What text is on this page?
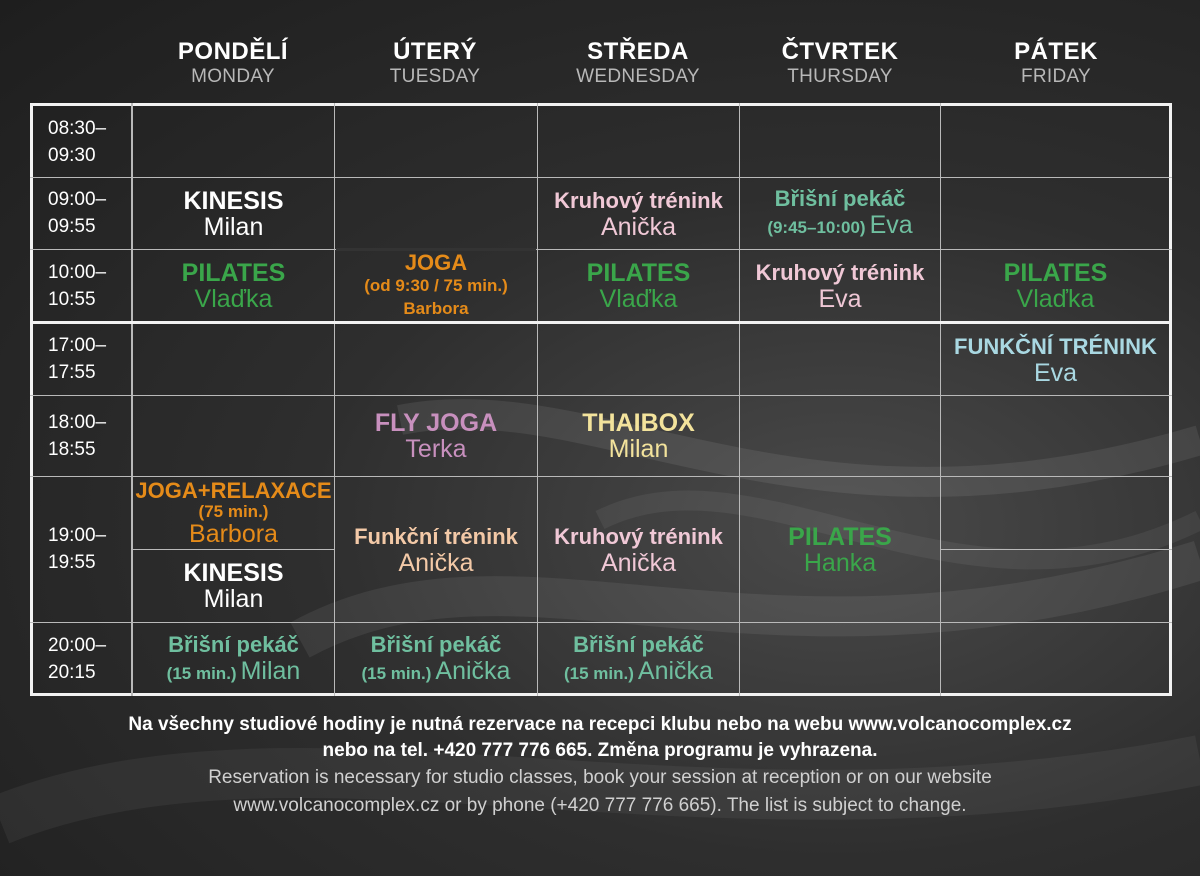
PONDĚLÍ
MONDAY
ÚTERÝ
TUESDAY
STŘEDA
WEDNESDAY
ČTVRTEK
THURSDAY
PÁTEK
FRIDAY
08:30–
09:30
09:00–
09:55
10:00–
10:55
17:00–
17:55
18:00–
18:55
19:00–
19:55
20:00–
20:15
KINESIS
Milan
Kruhový trénink
Anička
Břišní pekáč
(9:45–10:00) Eva
PILATES
Vlaďka
JOGA
(od 9:30 / 75 min.)
Barbora
PILATES
Vlaďka
Kruhový trénink
Eva
PILATES
Vlaďka
FUNKČNÍ TRÉNINK
Eva
FLY JOGA
Terka
THAIBOX
Milan
JOGA+RELAXACE
(75 min.)
Barbora
KINESIS
Milan
Funkční trénink
Anička
Kruhový trénink
Anička
PILATES
Hanka
Břišní pekáč
(15 min.) Milan
Břišní pekáč
(15 min.) Anička
Břišní pekáč
(15 min.) Anička
Na všechny studiové hodiny je nutná rezervace na recepci klubu nebo na webu www.volcanocomplex.cz
nebo na tel. +420 777 776 665. Změna programu je vyhrazena.
Reservation is necessary for studio classes, book your session at reception or on our website
www.volcanocomplex.cz or by phone (+420 777 776 665). The list is subject to change.
